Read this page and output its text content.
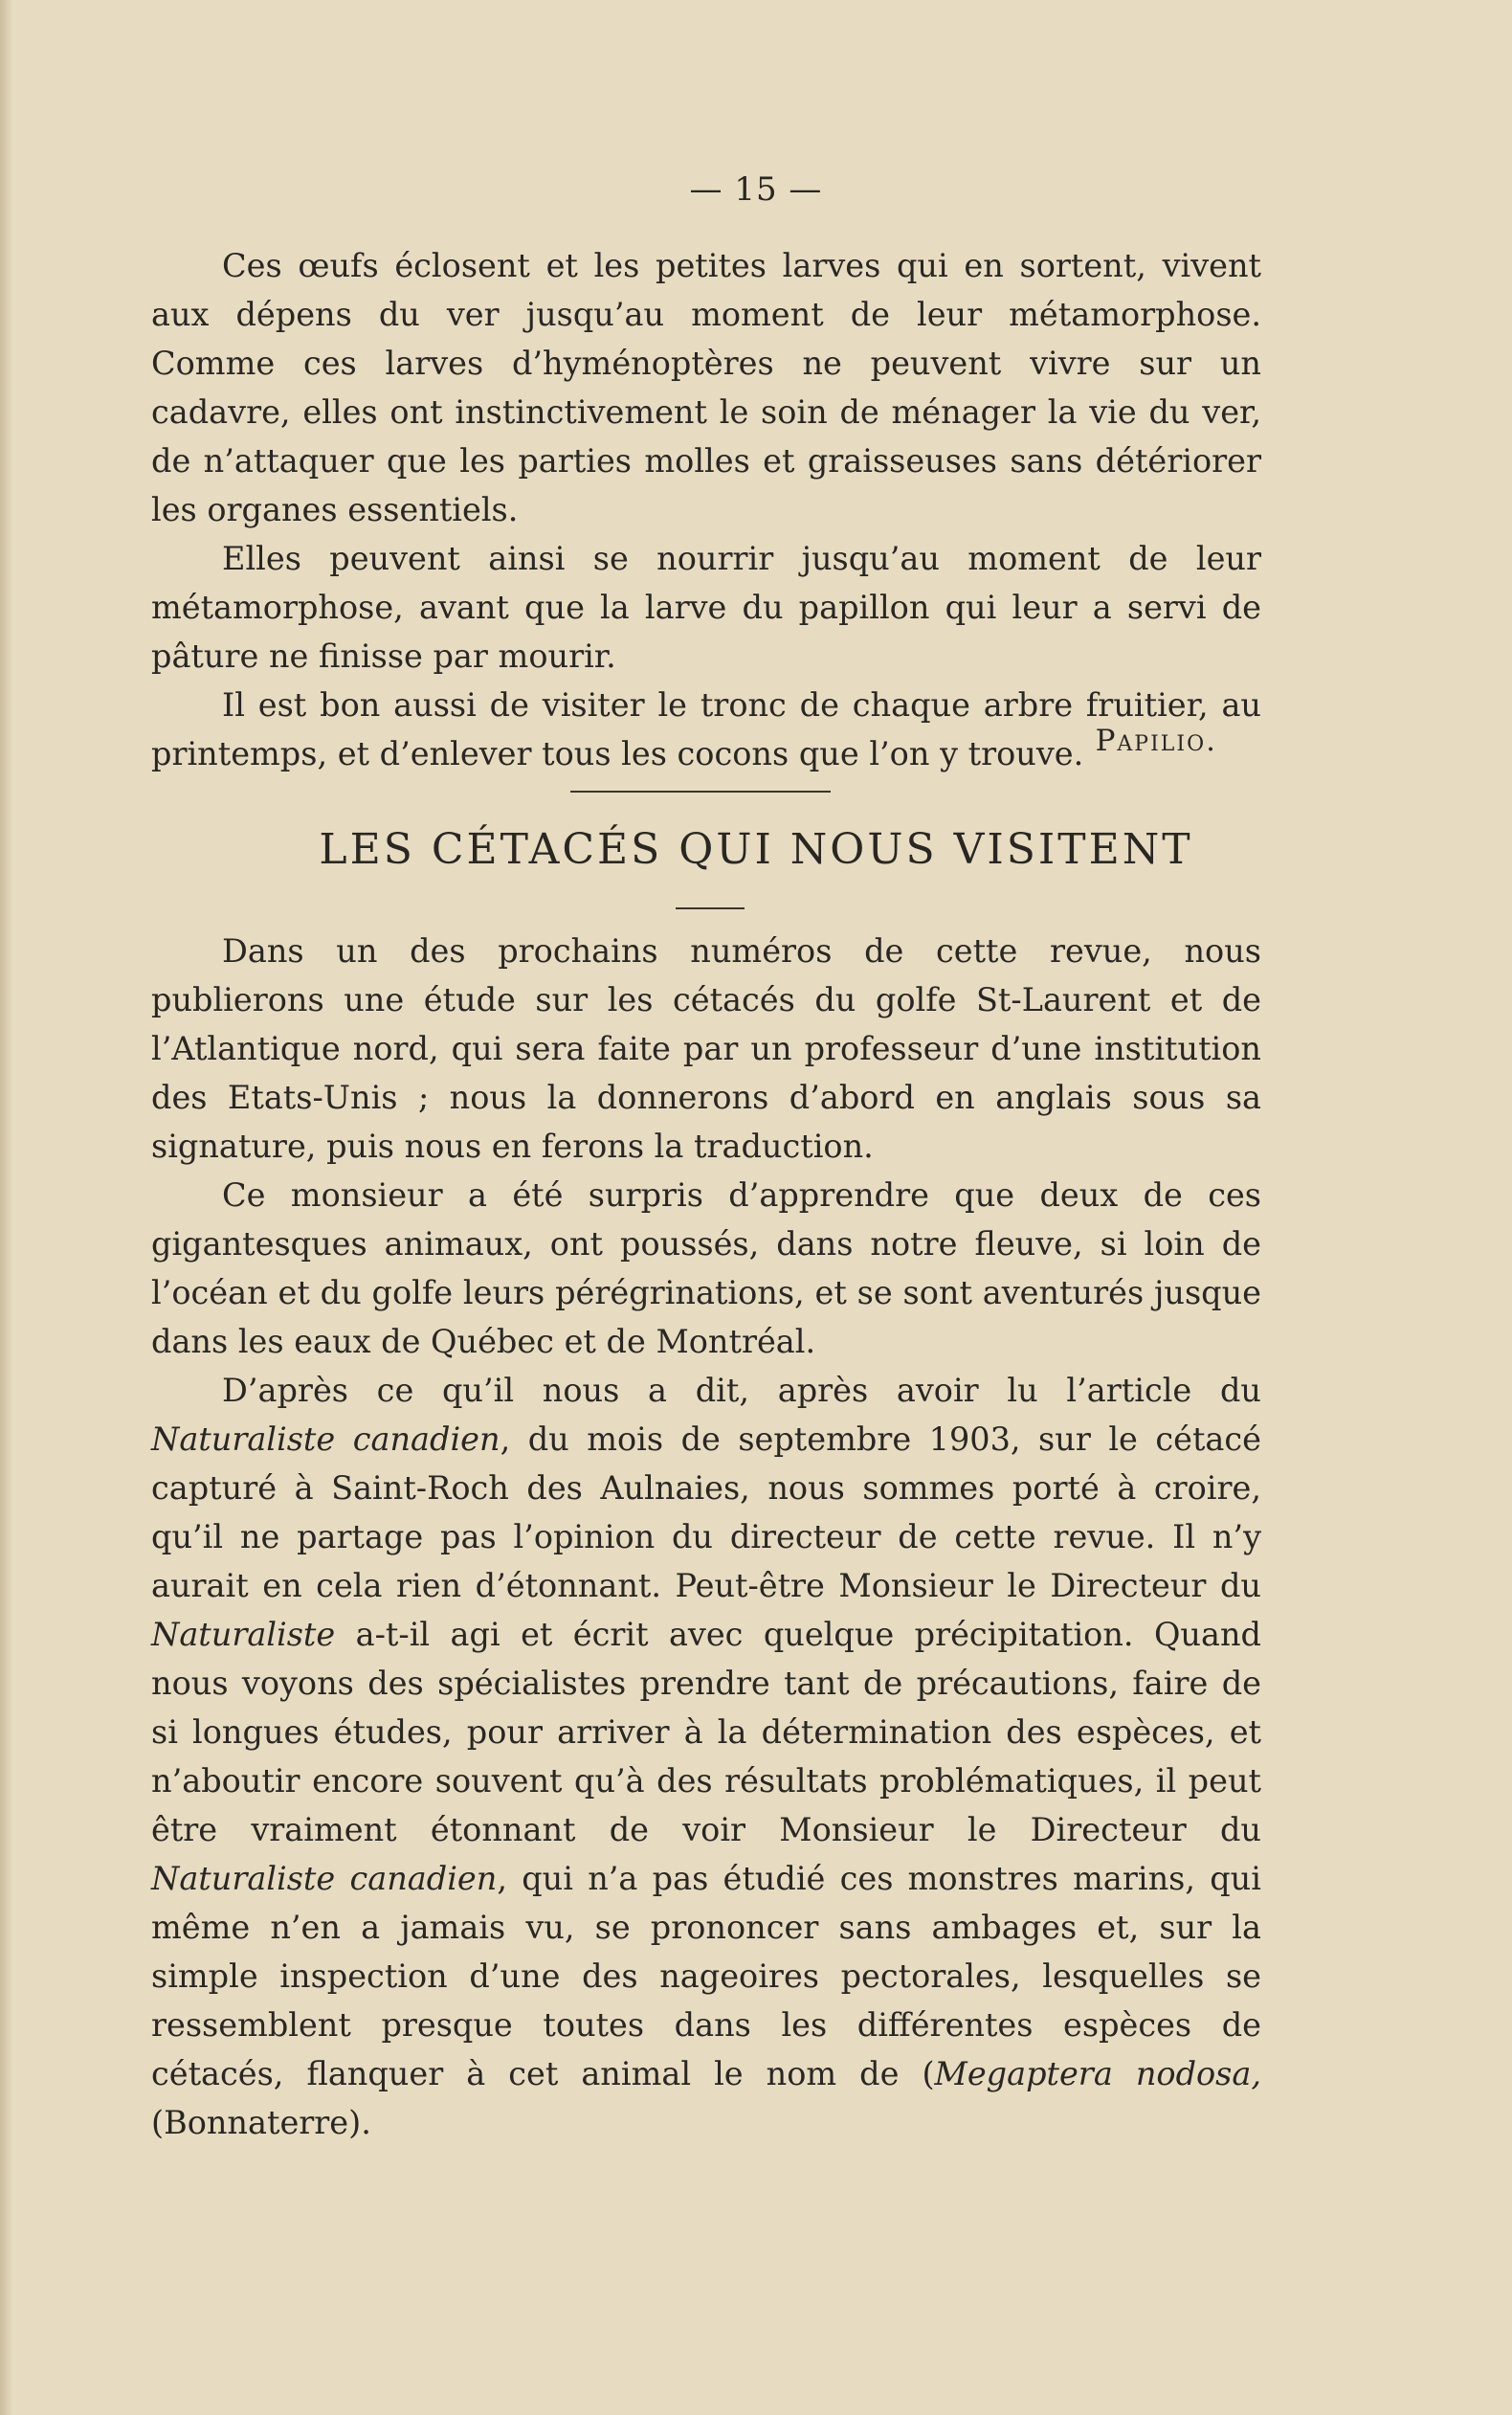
— 15 —

Ces œufs éclosent et les petites larves qui en sortent, vivent aux dépens du ver jusqu’au moment de leur métamorphose. Comme ces larves d’hyménoptères ne peuvent vivre sur un cadavre, elles ont instinctivement le soin de ménager la vie du ver, de n’attaquer que les parties molles et graisseuses sans détériorer les organes essentiels.

Elles peuvent ainsi se nourrir jusqu’au moment de leur métamorphose, avant que la larve du papillon qui leur a servi de pâture ne finisse par mourir.

Il est bon aussi de visiter le tronc de chaque arbre fruitier, au printemps, et d’enlever tous les cocons que l’on y trouve. Papilio.
LES CÉTACÉS QUI NOUS VISITENT

Dans un des prochains numéros de cette revue, nous publierons une étude sur les cétacés du golfe St-Laurent et de l’Atlantique nord, qui sera faite par un professeur d’une institution des Etats-Unis ; nous la donnerons d’abord en anglais sous sa signature, puis nous en ferons la traduction.

Ce monsieur a été surpris d’apprendre que deux de ces gigantesques animaux, ont poussés, dans notre fleuve, si loin de l’océan et du golfe leurs pérégrinations, et se sont aventurés jusque dans les eaux de Québec et de Montréal.

D’après ce qu’il nous a dit, après avoir lu l’article du Naturaliste canadien, du mois de septembre 1903, sur le cétacé capturé à Saint-Roch des Aulnaies, nous sommes porté à croire, qu’il ne partage pas l’opinion du directeur de cette revue. Il n’y aurait en cela rien d’étonnant. Peut-être Monsieur le Directeur du Naturaliste a-t-il agi et écrit avec quelque précipitation. Quand nous voyons des spécialistes prendre tant de précautions, faire de si longues études, pour arriver à la détermination des espèces, et n’aboutir encore souvent qu’à des résultats problématiques, il peut être vraiment étonnant de voir Monsieur le Directeur du Naturaliste canadien, qui n’a pas étudié ces monstres marins, qui même n’en a jamais vu, se prononcer sans ambages et, sur la simple inspection d’une des nageoires pectorales, lesquelles se ressemblent presque toutes dans les différentes espèces de cétacés, flanquer à cet animal le nom de (Megaptera nodosa, (Bonnaterre).
